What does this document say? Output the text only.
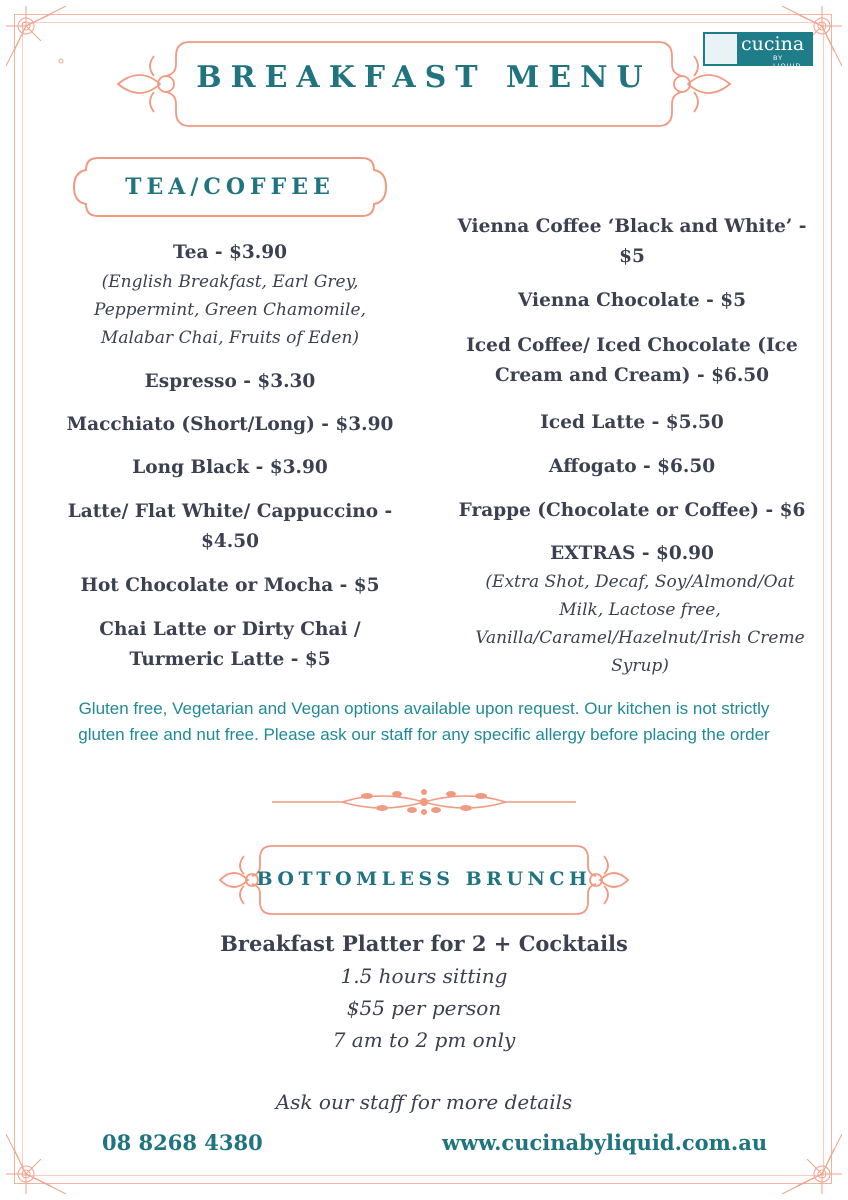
cucina
BY LIQUID
BREAKFAST MENU
TEA/COFFEE
Tea - $3.90
(English Breakfast, Earl Grey, Peppermint, Green Chamomile, Malabar Chai, Fruits of Eden)
Espresso - $3.30
Macchiato (Short/Long) - $3.90
Long Black - $3.90
Latte/ Flat White/ Cappuccino - $4.50
Hot Chocolate or Mocha - $5
Chai Latte or Dirty Chai / Turmeric Latte - $5
Vienna Coffee ‘Black and White’ - $5
Vienna Chocolate - $5
Iced Coffee/ Iced Chocolate (Ice Cream and Cream) - $6.50
Iced Latte - $5.50
Affogato - $6.50
Frappe (Chocolate or Coffee) - $6
EXTRAS - $0.90
(Extra Shot, Decaf, Soy/Almond/Oat Milk, Lactose free, Vanilla/Caramel/Hazelnut/Irish Creme Syrup)
Gluten free, Vegetarian and Vegan options available upon request. Our kitchen is not strictly gluten free and nut free. Please ask our staff for any specific allergy before placing the order
BOTTOMLESS BRUNCH
Breakfast Platter for 2 + Cocktails
1.5 hours sitting
$55 per person
7 am to 2 pm only
Ask our staff for more details
08 8268 4380	www.cucinabyliquid.com.au
